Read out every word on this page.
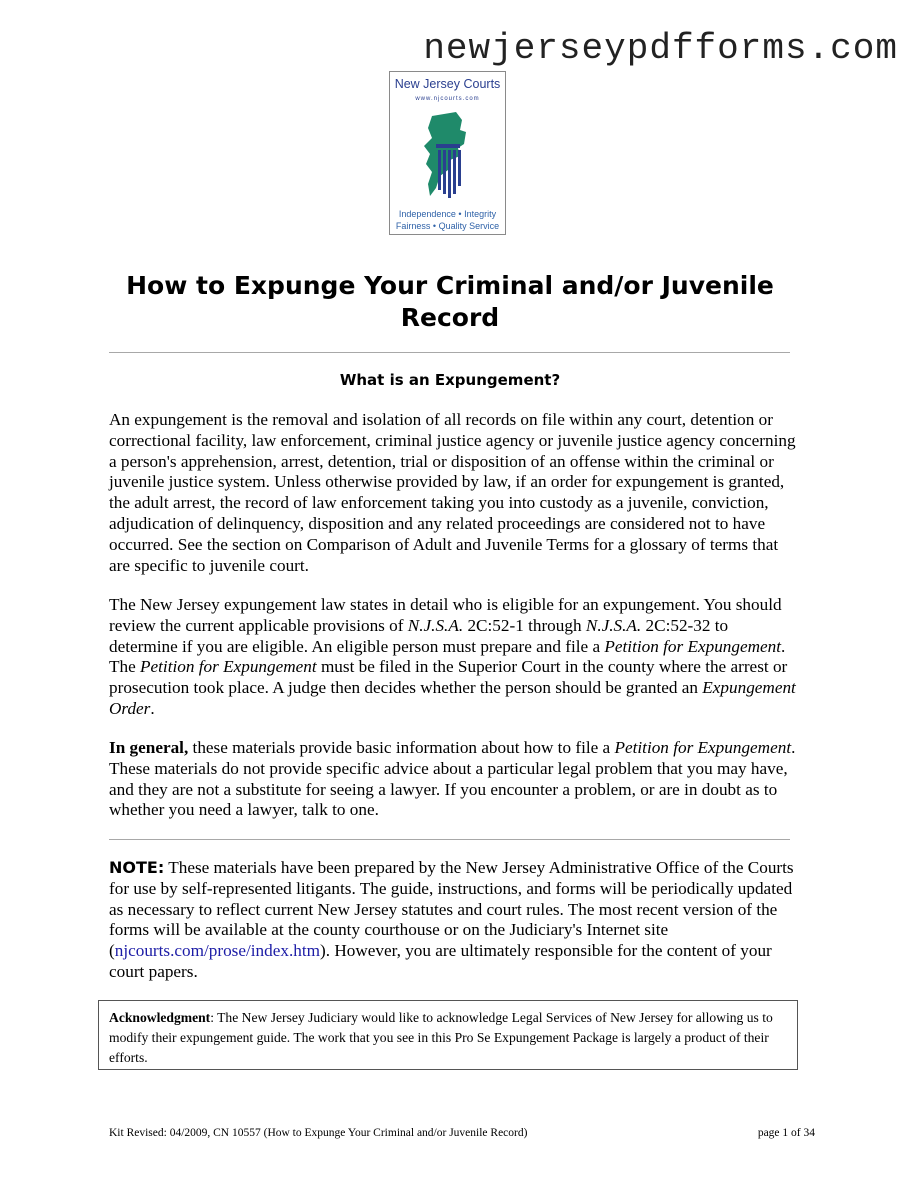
newjerseypdfforms.com
New Jersey Courts
www.njcourts.com
Independence • Integrity
Fairness • Quality Service
How to Expunge Your Criminal and/or Juvenile
Record
What is an Expungement?

An expungement is the removal and isolation of all records on file within any court, detention or correctional facility, law enforcement, criminal justice agency or juvenile justice agency concerning a person's apprehension, arrest, detention, trial or disposition of an offense within the criminal or juvenile justice system. Unless otherwise provided by law, if an order for expungement is granted, the adult arrest, the record of law enforcement taking you into custody as a juvenile, conviction, adjudication of delinquency, disposition and any related proceedings are considered not to have occurred. See the section on Comparison of Adult and Juvenile Terms for a glossary of terms that are specific to juvenile court.

The New Jersey expungement law states in detail who is eligible for an expungement. You should review the current applicable provisions of N.J.S.A. 2C:52-1 through N.J.S.A. 2C:52-32 to determine if you are eligible. An eligible person must prepare and file a Petition for Expungement. The Petition for Expungement must be filed in the Superior Court in the county where the arrest or prosecution took place. A judge then decides whether the person should be granted an Expungement Order.

In general, these materials provide basic information about how to file a Petition for Expungement. These materials do not provide specific advice about a particular legal problem that you may have, and they are not a substitute for seeing a lawyer. If you encounter a problem, or are in doubt as to whether you need a lawyer, talk to one.

NOTE: These materials have been prepared by the New Jersey Administrative Office of the Courts for use by self-represented litigants. The guide, instructions, and forms will be periodically updated as necessary to reflect current New Jersey statutes and court rules. The most recent version of the forms will be available at the county courthouse or on the Judiciary's Internet site (njcourts.com/prose/index.htm). However, you are ultimately responsible for the content of your court papers.

Acknowledgment: The New Jersey Judiciary would like to acknowledge Legal Services of New Jersey for allowing us to modify their expungement guide. The work that you see in this Pro Se Expungement Package is largely a product of their efforts.
Kit Revised: 04/2009, CN 10557 (How to Expunge Your Criminal and/or Juvenile Record)	page 1 of 34
